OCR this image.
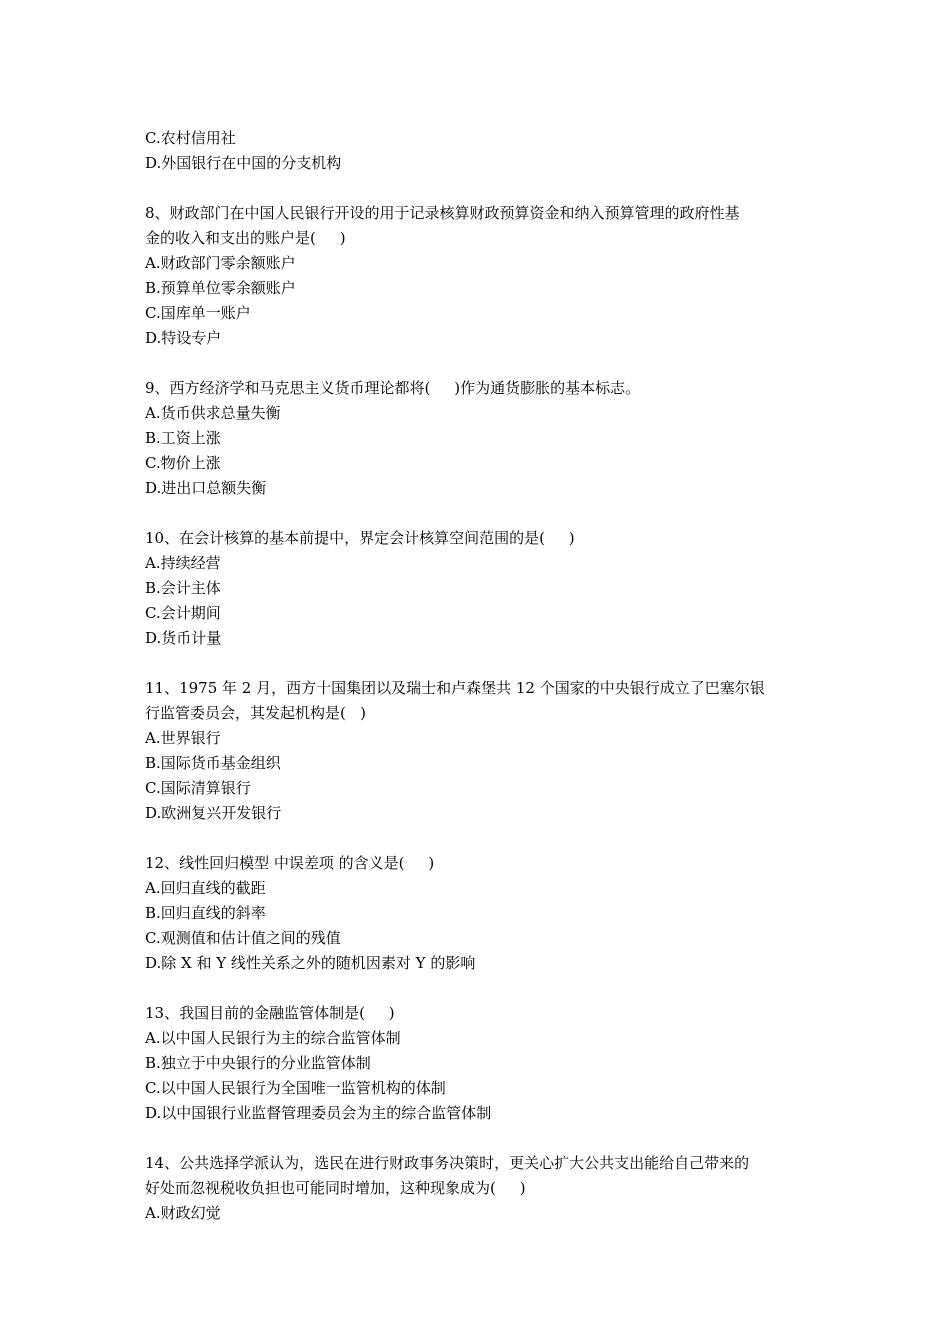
C.农村信用社
D.外国银行在中国的分支机构
8、财政部门在中国人民银行开设的用于记录核算财政预算资金和纳入预算管理的政府性基
金的收入和支出的账户是(     )
A.财政部门零余额账户
B.预算单位零余额账户
C.国库单一账户
D.特设专户
9、西方经济学和马克思主义货币理论都将(     )作为通货膨胀的基本标志。
A.货币供求总量失衡
B.工资上涨
C.物价上涨
D.进出口总额失衡
10、在会计核算的基本前提中，界定会计核算空间范围的是(     )
A.持续经营
B.会计主体
C.会计期间
D.货币计量
11、1975 年 2 月，西方十国集团以及瑞士和卢森堡共 12 个国家的中央银行成立了巴塞尔银
行监管委员会，其发起机构是(   )
A.世界银行
B.国际货币基金组织
C.国际清算银行
D.欧洲复兴开发银行
12、线性回归模型 中误差项 的含义是(     )
A.回归直线的截距
B.回归直线的斜率
C.观测值和估计值之间的残值
D.除 X 和 Y 线性关系之外的随机因素对 Y 的影响
13、我国目前的金融监管体制是(     )
A.以中国人民银行为主的综合监管体制
B.独立于中央银行的分业监管体制
C.以中国人民银行为全国唯一监管机构的体制
D.以中国银行业监督管理委员会为主的综合监管体制
14、公共选择学派认为，选民在进行财政事务决策时，更关心扩大公共支出能给自己带来的
好处而忽视税收负担也可能同时增加，这种现象成为(     )
A.财政幻觉
